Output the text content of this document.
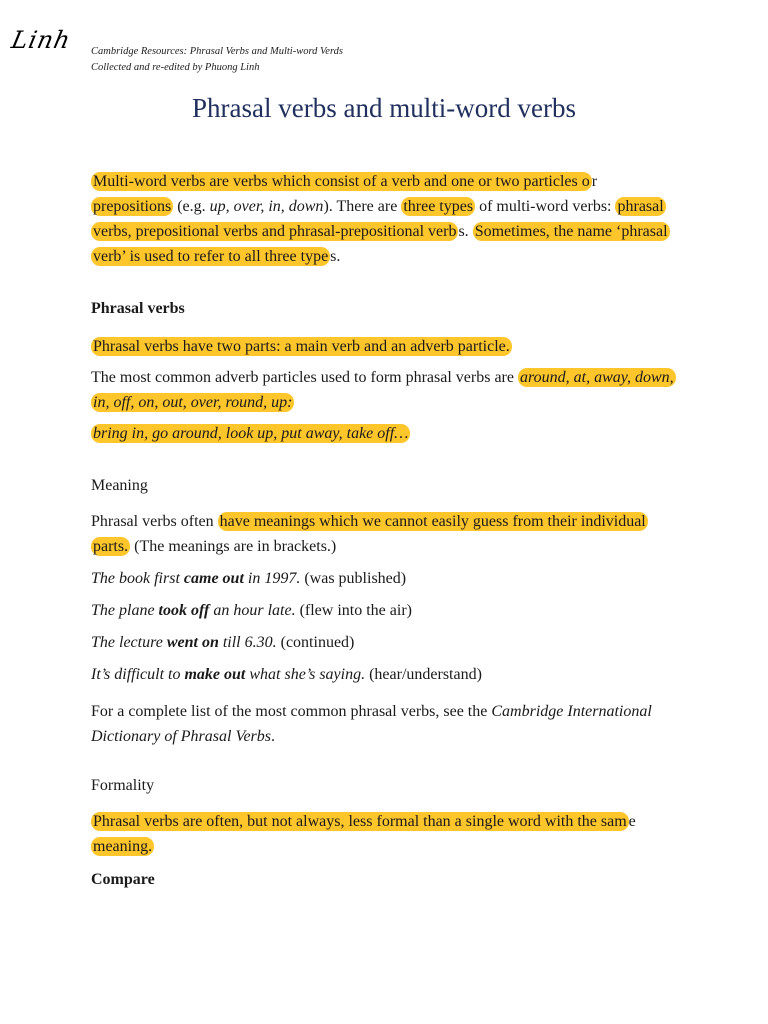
Linh Cambridge Resources: Phrasal Verbs and Multi-word Verds
Collected and re-edited by Phuong Linh
Phrasal verbs and multi-word verbs

Multi-word verbs are verbs which consist of a verb and one or two particles o r prepositions (e.g. up, over, in, down). There are three types of multi-word verbs: phrasal verbs, prepositional verbs and phrasal-prepositional verb s. Sometimes, the name ‘phrasal verb’ is used to refer to all three type s.

Phrasal verbs

Phrasal verbs have two parts: a main verb and an adverb particle.

The most common adverb particles used to form phrasal verbs are around, at, away, down, in, off, on, out, over, round, up:

bring in, go around, look up, put away, take off…

Meaning

Phrasal verbs often have meanings which we cannot easily guess from their individual parts. (The meanings are in brackets.)

The book first came out in 1997. (was published)

The plane took off an hour late. (flew into the air)

The lecture went on till 6.30. (continued)

It’s difficult to make out what she’s saying. (hear/understand)

For a complete list of the most common phrasal verbs, see the Cambridge International Dictionary of Phrasal Verbs.

Formality

Phrasal verbs are often, but not always, less formal than a single word with the sam e meaning.

Compare
